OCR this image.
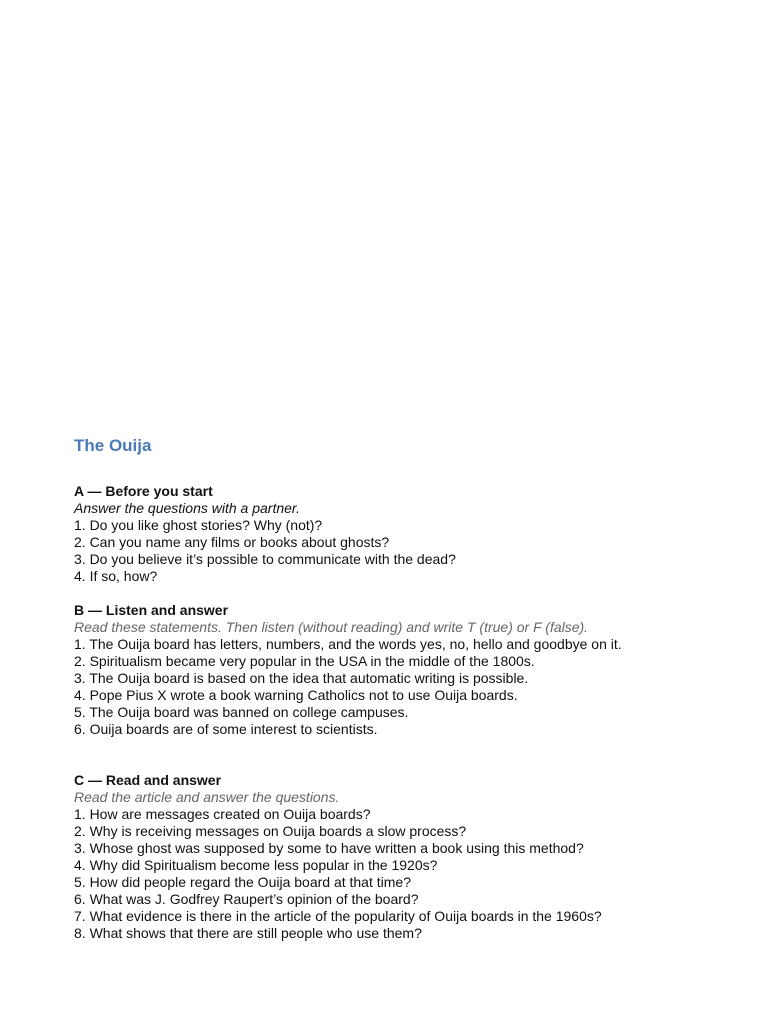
The Ouija

A — Before you start

Answer the questions with a partner.

1. Do you like ghost stories? Why (not)?
2. Can you name any films or books about ghosts?
3. Do you believe it’s possible to communicate with the dead?
4. If so, how?

B — Listen and answer

Read these statements. Then listen (without reading) and write T (true) or F (false).

1. The Ouija board has letters, numbers, and the words yes, no, hello and goodbye on it.
2. Spiritualism became very popular in the USA in the middle of the 1800s.
3. The Ouija board is based on the idea that automatic writing is possible.
4. Pope Pius X wrote a book warning Catholics not to use Ouija boards.
5. The Ouija board was banned on college campuses.
6. Ouija boards are of some interest to scientists.

C — Read and answer

Read the article and answer the questions.

1. How are messages created on Ouija boards?
2. Why is receiving messages on Ouija boards a slow process?
3. Whose ghost was supposed by some to have written a book using this method?
4. Why did Spiritualism become less popular in the 1920s?
5. How did people regard the Ouija board at that time?
6. What was J. Godfrey Raupert’s opinion of the board?
7. What evidence is there in the article of the popularity of Ouija boards in the 1960s?
8. What shows that there are still people who use them?
